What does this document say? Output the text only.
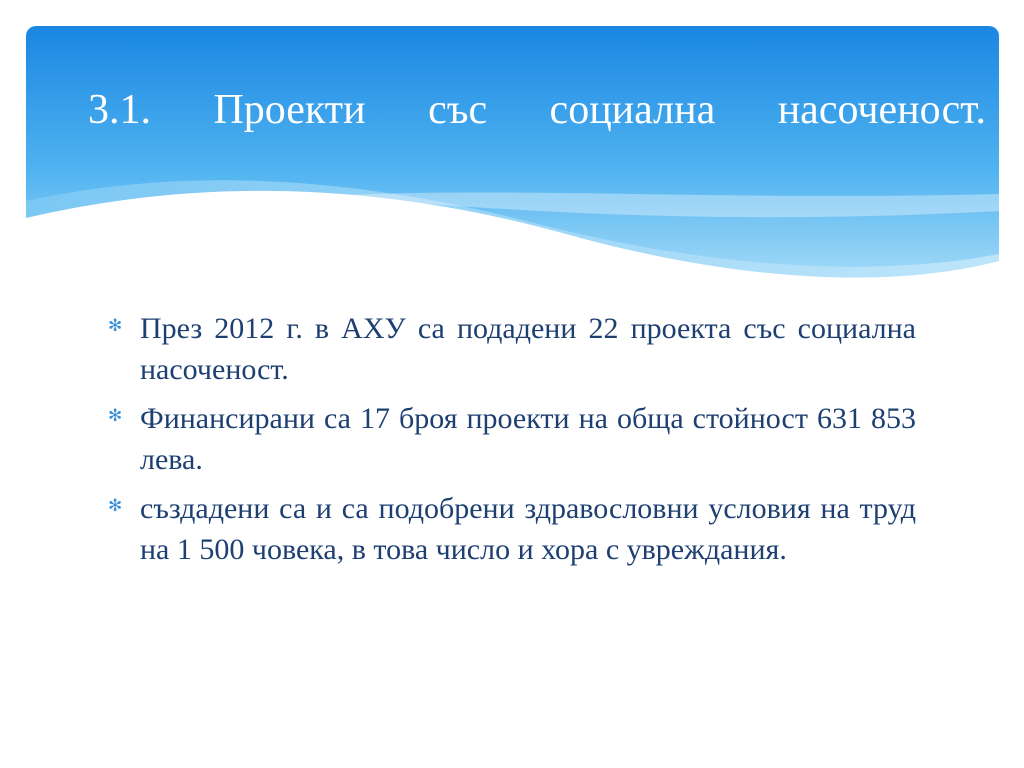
3.1. Проекти със социална насоченост.
✻ През 2012 г. в АХУ са подадени 22 проекта със социална насоченост.
✻ Финансирани са 17 броя проекти на обща стойност 631 853 лева.
✻ създадени са и са подобрени здравословни условия на труд на 1 500 човека, в това число и хора с увреждания.
